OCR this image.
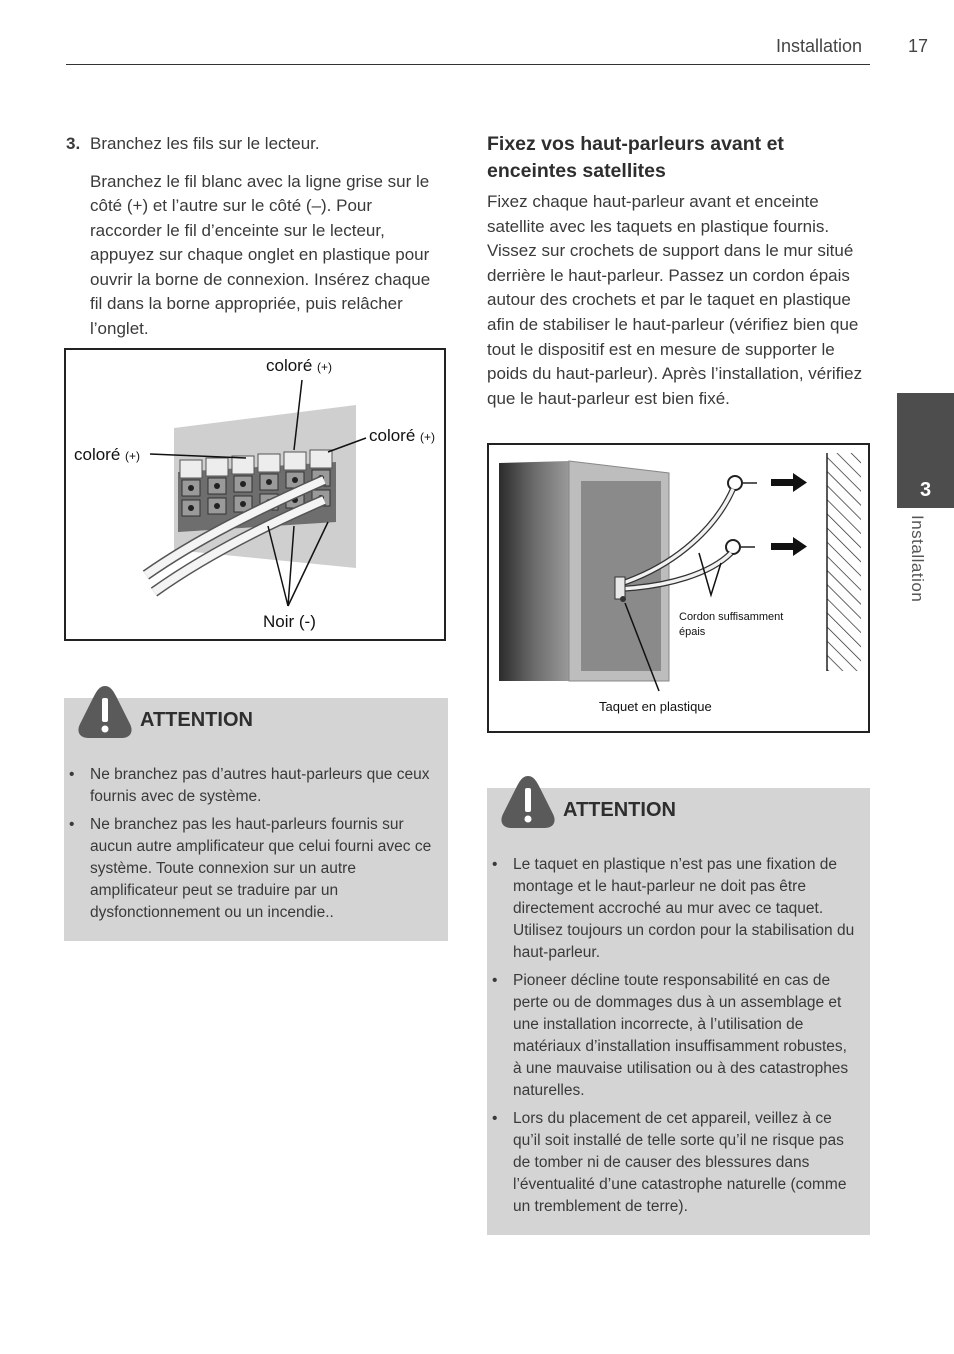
Installation	17
3
Installation
3. Branchez les fils sur le lecteur.
Branchez le fil blanc avec la ligne grise sur le côté (+) et l’autre sur le côté (–). Pour raccorder le fil d’enceinte sur le lecteur, appuyez sur chaque onglet en plastique pour ouvrir la borne de connexion. Insérez chaque fil dans la borne appropriée, puis relâcher l’onglet.
coloré (+)
coloré (+)
coloré (+)
Noir (-)
ATTENTION
• Ne branchez pas d’autres haut-parleurs que ceux fournis avec de système.
• Ne branchez pas les haut-parleurs fournis sur aucun autre amplificateur que celui fourni avec ce système. Toute connexion sur un autre amplificateur peut se traduire par un dysfonctionnement ou un incendie..
Fixez vos haut-parleurs avant et enceintes satellites
Fixez chaque haut-parleur avant et enceinte satellite avec les taquets en plastique fournis. Vissez sur crochets de support dans le mur situé derrière le haut-parleur. Passez un cordon épais autour des crochets et par le taquet en plastique afin de stabiliser le haut-parleur (vérifiez bien que tout le dispositif est en mesure de supporter le poids du haut-parleur). Après l’installation, vérifiez que le haut-parleur est bien fixé.
Cordon suffisamment
épais
Taquet en plastique
ATTENTION
• Le taquet en plastique n’est pas une fixation de montage et le haut-parleur ne doit pas être directement accroché au mur avec ce taquet. Utilisez toujours un cordon pour la stabilisation du haut-parleur.
• Pioneer décline toute responsabilité en cas de perte ou de dommages dus à un assemblage et une installation incorrecte, à l’utilisation de matériaux d’installation insuffisamment robustes, à une mauvaise utilisation ou à des catastrophes naturelles.
• Lors du placement de cet appareil, veillez à ce qu’il soit installé de telle sorte qu’il ne risque pas de tomber ni de causer des blessures dans l’éventualité d’une catastrophe naturelle (comme un tremblement de terre).
